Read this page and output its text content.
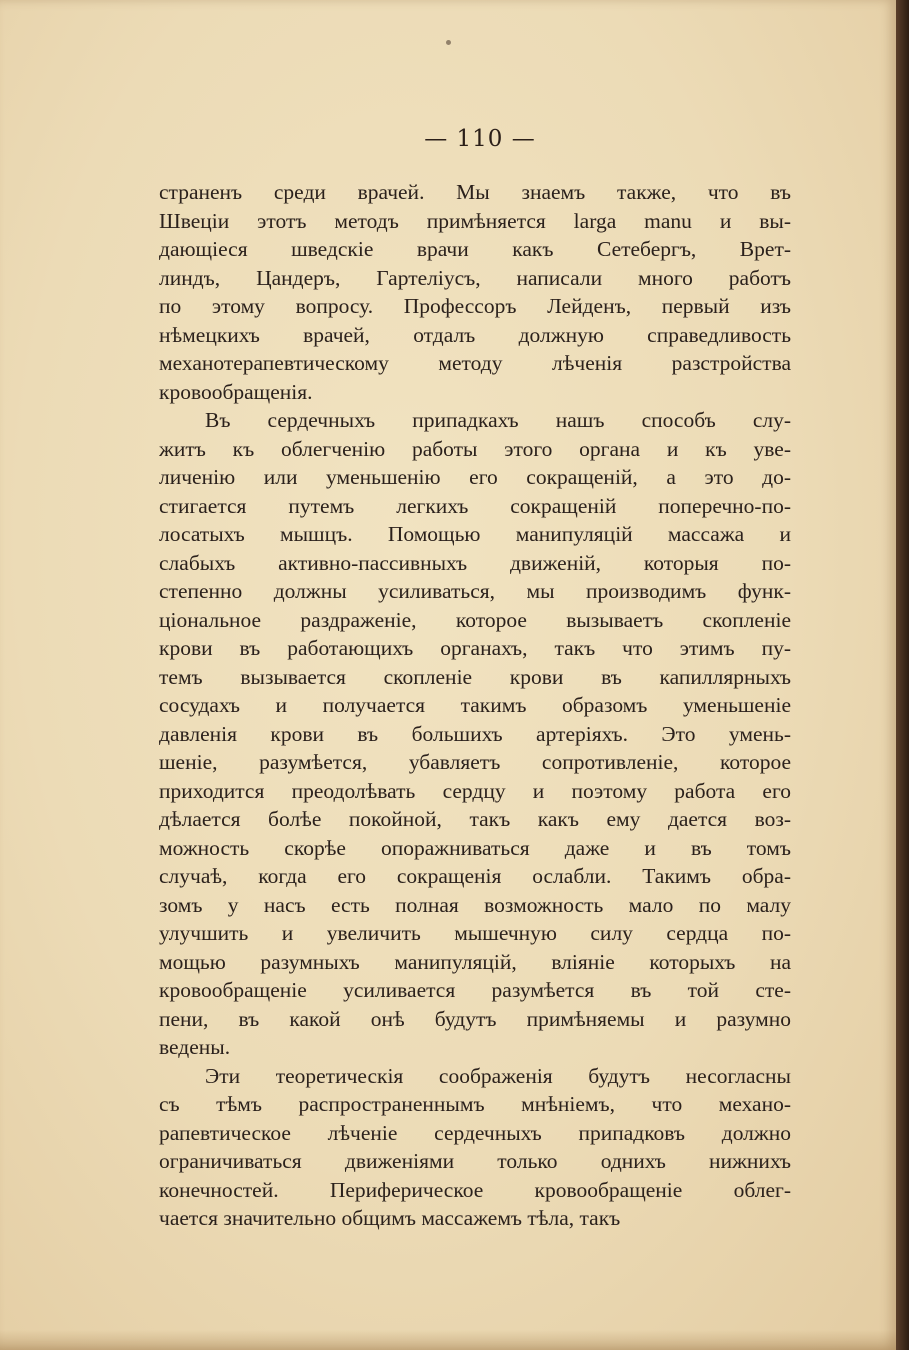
— 110 —

страненъ среди врачей. Мы знаемъ также, что въ
Швецiи этотъ методъ примѣняется larga manu и вы-
дающiеся шведскiе врачи какъ Сетебергъ, Врет-
линдъ, Цандеръ, Гартелiусъ, написали много работъ
по этому вопросу. Профессоръ Лейденъ, первый изъ
нѣмецкихъ врачей, отдалъ должную справедливость
механотерапевтическому методу лѣченiя разстройства
кровообращенiя.
Въ сердечныхъ припадкахъ нашъ способъ слу-
житъ къ облегченiю работы этого органа и къ уве-
личенiю или уменьшенiю его сокращенiй, а это до-
стигается путемъ легкихъ сокращенiй поперечно-по-
лосатыхъ мышцъ. Помощью манипуляцiй массажа и
слабыхъ активно-пассивныхъ движенiй, которыя по-
степенно должны усиливаться, мы производимъ функ-
цiональное раздраженiе, которое вызываетъ скопленiе
крови въ работающихъ органахъ, такъ что этимъ пу-
темъ вызывается скопленiе крови въ капиллярныхъ
сосудахъ и получается такимъ образомъ уменьшенiе
давленiя крови въ большихъ артерiяхъ. Это умень-
шенiе, разумѣется, убавляетъ сопротивленiе, которое
приходится преодолѣвать сердцу и поэтому работа его
дѣлается болѣе покойной, такъ какъ ему дается воз-
можность скорѣе опоражниваться даже и въ томъ
случаѣ, когда его сокращенiя ослабли. Такимъ обра-
зомъ у насъ есть полная возможность мало по малу
улучшить и увеличить мышечную силу сердца по-
мощью разумныхъ манипуляцiй, влiянiе которыхъ на
кровообращенiе усиливается разумѣется въ той сте-
пени, въ какой онѣ будутъ примѣняемы и разумно
ведены.
Эти теоретическiя соображенiя будутъ несогласны
съ тѣмъ распространеннымъ мнѣнiемъ, что механо-
рапевтическое лѣченiе сердечныхъ припадковъ должно
ограничиваться движенiями только однихъ нижнихъ
конечностей. Периферическое кровообращенiе облег-
чается значительно общимъ массажемъ тѣла, такъ
